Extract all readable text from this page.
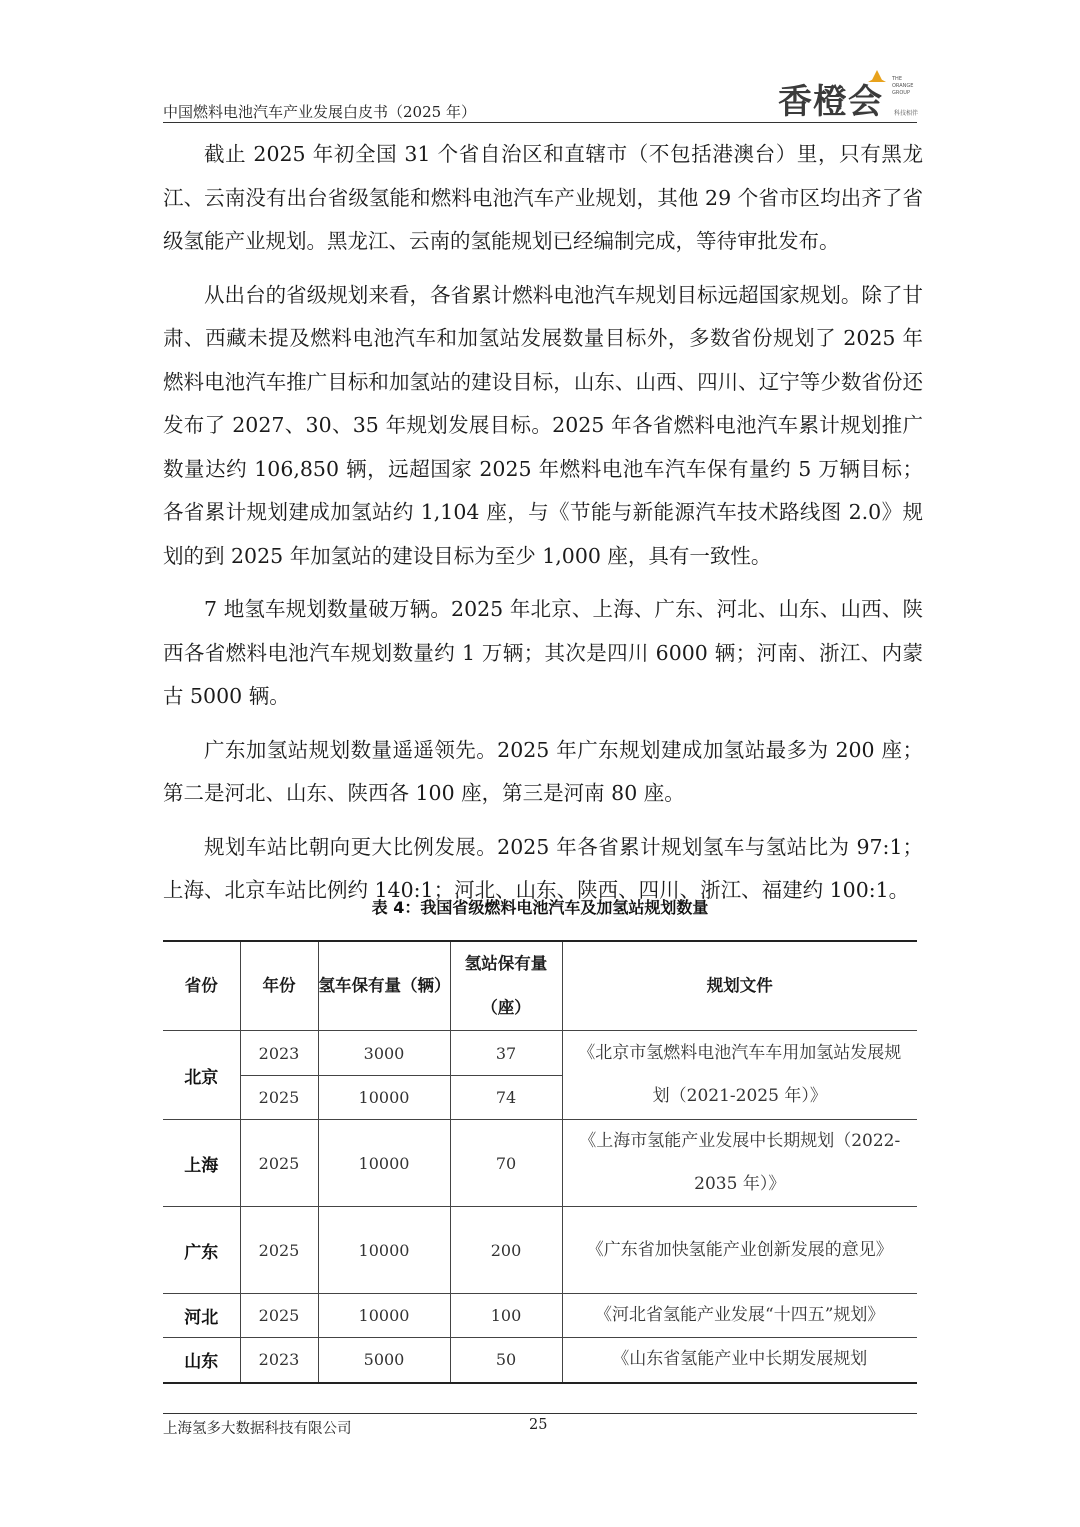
中国燃料电池汽车产业发展白皮书（2025 年）	香橙会
THE
ORANGE
GROUP
科技相伴

截止 2025 年初全国 31 个省自治区和直辖市（不包括港澳台）里，只有黑龙江、云南没有出台省级氢能和燃料电池汽车产业规划，其他 29 个省市区均出齐了省级氢能产业规划。黑龙江、云南的氢能规划已经编制完成，等待审批发布。

从出台的省级规划来看，各省累计燃料电池汽车规划目标远超国家规划。除了甘肃、西藏未提及燃料电池汽车和加氢站发展数量目标外，多数省份规划了 2025 年燃料电池汽车推广目标和加氢站的建设目标，山东、山西、四川、辽宁等少数省份还发布了 2027、30、35 年规划发展目标。2025 年各省燃料电池汽车累计规划推广数量达约 106,850 辆，远超国家 2025 年燃料电池车汽车保有量约 5 万辆目标；各省累计规划建成加氢站约 1,104 座，与《节能与新能源汽车技术路线图 2.0》规划的到 2025 年加氢站的建设目标为至少 1,000 座，具有一致性。

7 地氢车规划数量破万辆。2025 年北京、上海、广东、河北、山东、山西、陕西各省燃料电池汽车规划数量约 1 万辆；其次是四川 6000 辆；河南、浙江、内蒙古 5000 辆。

广东加氢站规划数量遥遥领先。2025 年广东规划建成加氢站最多为 200 座；第二是河北、山东、陕西各 100 座，第三是河南 80 座。

规划车站比朝向更大比例发展。2025 年各省累计规划氢车与氢站比为 97:1；上海、北京车站比例约 140:1；河北、山东、陕西、四川、浙江、福建约 100:1。

表 4：我国省级燃料电池汽车及加氢站规划数量
省份	年份	氢车保有量（辆）	氢站保有量（座）	规划文件
北京	2023	3000	37	《北京市氢燃料电池汽车车用加氢站发展规划（2021-2025 年）》
	2025	10000	74	
上海	2025	10000	70	《上海市氢能产业发展中长期规划（2022-2035 年）》
广东	2025	10000	200	《广东省加快氢能产业创新发展的意见》
河北	2025	10000	100	《河北省氢能产业发展“十四五”规划》
山东	2023	5000	50	《山东省氢能产业中长期发展规划
上海氢多大数据科技有限公司	25
